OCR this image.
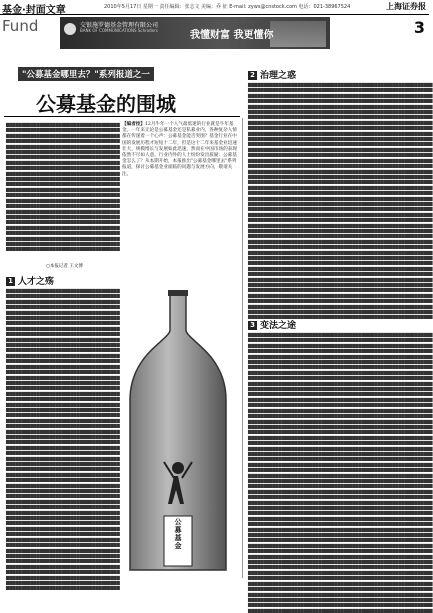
基金·封面文章	2010年5月17日 星期一 责任编辑：张志文 美编：乔 征 E-mail: zyws@cnstock.com 电话：021-38967524	上海证券报
Fund	3
交银施罗德基金管理有限公司
BANK OF COMMUNICATIONS Schroders	我懂财富 我更懂你
"公募基金哪里去？"系列报道之一
公募基金的围城
▇▇▇▇▇▇▇▇▇▇▇▇▇▇▇▇▇▇▇▇▇▇▇▇▇▇▇▇▇▇▇▇▇▇▇▇▇
▇▇▇▇▇▇▇▇▇▇▇▇▇▇▇▇▇▇▇▇▇▇▇▇▇▇▇▇▇▇▇▇▇▇▇▇▇
▇▇▇▇▇▇▇▇▇▇▇▇▇▇▇▇▇▇▇▇▇▇▇▇▇▇▇▇▇▇▇▇▇▇▇▇▇
▇▇▇▇▇▇▇▇▇▇▇▇▇▇▇▇▇▇▇▇▇▇▇▇▇▇▇▇▇▇▇▇▇▇▇▇▇
▇▇▇▇▇▇▇▇▇▇▇▇▇▇▇▇▇▇▇▇▇▇▇▇▇▇▇▇▇▇▇▇▇▇▇▇▇
▇▇▇▇▇▇▇▇▇▇▇▇▇▇▇▇▇▇▇▇▇▇▇▇▇▇▇▇▇▇▇▇▇▇▇▇▇
▇▇▇▇▇▇▇▇▇▇▇▇▇▇▇▇▇▇▇▇▇▇▇▇▇▇▇▇▇▇▇▇▇▇▇▇▇
▇▇▇▇▇▇▇▇▇▇▇▇▇▇▇▇▇▇▇▇▇▇▇▇▇▇▇▇▇▇▇▇▇▇▇▇▇
▇▇▇▇▇▇▇▇▇▇▇▇▇▇▇▇▇▇▇▇▇▇▇▇▇▇▇▇▇▇▇▇▇▇▇▇▇
▇▇▇▇▇▇▇▇▇▇▇▇▇▇▇▇▇▇▇▇▇▇▇▇▇▇▇▇▇▇▇▇▇▇▇▇▇
▇▇▇▇▇▇▇▇▇▇▇▇▇▇▇▇▇▇▇▇▇▇▇▇▇▇▇▇▇▇▇▇▇▇▇▇▇
▇▇▇▇▇▇▇▇▇▇▇▇▇▇▇▇▇▇▇▇▇▇▇▇▇▇▇▇▇▇▇▇▇▇▇▇▇
▇▇▇▇▇▇▇▇▇▇▇▇▇▇▇▇▇▇▇▇▇▇▇▇▇▇▇▇▇▇▇▇▇▇▇▇▇
▇▇▇▇▇▇▇▇▇▇▇▇▇▇▇▇▇▇▇▇▇▇▇▇▇▇▇▇▇▇▇▇▇▇▇▇▇
▇▇▇▇▇▇▇▇▇▇▇▇▇▇▇▇▇▇▇▇▇▇▇▇▇▇▇▇▇▇▇▇▇▇▇▇▇
▇▇▇▇▇▇▇▇▇▇▇▇▇▇▇▇▇▇▇▇▇▇▇▇▇▇▇▇▇▇▇▇▇▇▇▇▇
▇▇▇▇▇▇▇▇▇▇▇▇▇▇▇▇▇▇▇▇▇▇▇▇▇▇▇▇▇▇▇▇▇▇▇▇▇
▇▇▇▇▇▇▇▇▇▇▇▇▇▇▇▇▇▇▇▇▇▇▇▇▇▇▇▇▇▇▇▇▇▇▇▇▇
▇▇▇▇▇▇▇▇▇▇▇▇▇▇▇▇▇▇▇▇▇▇▇▇▇▇▇▇▇▇▇▇▇▇▇▇▇
▇▇▇▇▇▇▇▇▇▇▇▇▇▇▇▇▇▇▇▇▇▇▇▇▇▇▇▇▇▇▇▇▇▇▇▇▇
▇▇▇▇▇▇▇▇▇▇▇▇▇▇▇▇▇▇▇▇▇▇▇▇▇▇▇▇▇▇▇▇▇▇▇▇▇
▇▇▇▇▇▇▇▇▇▇▇▇▇▇▇▇▇▇▇▇▇▇▇▇▇▇▇▇▇▇▇▇▇▇▇▇▇
▇▇▇▇▇▇▇▇▇▇▇▇▇▇▇▇▇▇▇▇▇▇▇▇▇▇▇▇▇▇▇▇▇▇▇▇▇
▇▇▇▇▇▇▇▇▇▇▇▇▇▇▇▇▇▇▇▇▇▇▇▇▇▇▇▇▇▇▇▇▇▇▇▇▇
○本报记者 王文博
1 人才之殇
▇▇▇▇▇▇▇▇▇▇▇▇▇▇▇▇▇▇▇▇▇▇▇▇▇▇▇▇▇▇▇▇▇▇▇▇▇
▇▇▇▇▇▇▇▇▇▇▇▇▇▇▇▇▇▇▇▇▇▇▇▇▇▇▇▇▇▇▇▇▇▇▇▇▇
▇▇▇▇▇▇▇▇▇▇▇▇▇▇▇▇▇▇▇▇▇▇▇▇▇▇▇▇▇▇▇▇▇▇▇▇▇
▇▇▇▇▇▇▇▇▇▇▇▇▇▇▇▇▇▇▇▇▇▇▇▇▇▇▇▇▇▇▇▇▇▇▇▇▇
▇▇▇▇▇▇▇▇▇▇▇▇▇▇▇▇▇▇▇▇▇▇▇▇▇▇▇▇▇▇▇▇▇▇▇▇▇
▇▇▇▇▇▇▇▇▇▇▇▇▇▇▇▇▇▇▇▇▇▇▇▇▇▇▇▇▇▇▇▇▇▇▇▇▇
▇▇▇▇▇▇▇▇▇▇▇▇▇▇▇▇▇▇▇▇▇▇▇▇▇▇▇▇▇▇▇▇▇▇▇▇▇
▇▇▇▇▇▇▇▇▇▇▇▇▇▇▇▇▇▇▇▇▇▇▇▇▇▇▇▇▇▇▇▇▇▇▇▇▇
▇▇▇▇▇▇▇▇▇▇▇▇▇▇▇▇▇▇▇▇▇▇▇▇▇▇▇▇▇▇▇▇▇▇▇▇▇
▇▇▇▇▇▇▇▇▇▇▇▇▇▇▇▇▇▇▇▇▇▇▇▇▇▇▇▇▇▇▇▇▇▇▇▇▇
▇▇▇▇▇▇▇▇▇▇▇▇▇▇▇▇▇▇▇▇▇▇▇▇▇▇▇▇▇▇▇▇▇▇▇▇▇
▇▇▇▇▇▇▇▇▇▇▇▇▇▇▇▇▇▇▇▇▇▇▇▇▇▇▇▇▇▇▇▇▇▇▇▇▇
▇▇▇▇▇▇▇▇▇▇▇▇▇▇▇▇▇▇▇▇▇▇▇▇▇▇▇▇▇▇▇▇▇▇▇▇▇
▇▇▇▇▇▇▇▇▇▇▇▇▇▇▇▇▇▇▇▇▇▇▇▇▇▇▇▇▇▇▇▇▇▇▇▇▇
▇▇▇▇▇▇▇▇▇▇▇▇▇▇▇▇▇▇▇▇▇▇▇▇▇▇▇▇▇▇▇▇▇▇▇▇▇
▇▇▇▇▇▇▇▇▇▇▇▇▇▇▇▇▇▇▇▇▇▇▇▇▇▇▇▇▇▇▇▇▇▇▇▇▇
▇▇▇▇▇▇▇▇▇▇▇▇▇▇▇▇▇▇▇▇▇▇▇▇▇▇▇▇▇▇▇▇▇▇▇▇▇
▇▇▇▇▇▇▇▇▇▇▇▇▇▇▇▇▇▇▇▇▇▇▇▇▇▇▇▇▇▇▇▇▇▇▇▇▇
▇▇▇▇▇▇▇▇▇▇▇▇▇▇▇▇▇▇▇▇▇▇▇▇▇▇▇▇▇▇▇▇▇▇▇▇▇
▇▇▇▇▇▇▇▇▇▇▇▇▇▇▇▇▇▇▇▇▇▇▇▇▇▇▇▇▇▇▇▇▇▇▇▇▇
▇▇▇▇▇▇▇▇▇▇▇▇▇▇▇▇▇▇▇▇▇▇▇▇▇▇▇▇▇▇▇▇▇▇▇▇▇
▇▇▇▇▇▇▇▇▇▇▇▇▇▇▇▇▇▇▇▇▇▇▇▇▇▇▇▇▇▇▇▇▇▇▇▇▇
▇▇▇▇▇▇▇▇▇▇▇▇▇▇▇▇▇▇▇▇▇▇▇▇▇▇▇▇▇▇▇▇▇▇▇▇▇
▇▇▇▇▇▇▇▇▇▇▇▇▇▇▇▇▇▇▇▇▇▇▇▇▇▇▇▇▇▇▇▇▇▇▇▇▇
▇▇▇▇▇▇▇▇▇▇▇▇▇▇▇▇▇▇▇▇▇▇▇▇▇▇▇▇▇▇▇▇▇▇▇▇▇
▇▇▇▇▇▇▇▇▇▇▇▇▇▇▇▇▇▇▇▇▇▇▇▇▇▇▇▇▇▇▇▇▇▇▇▇▇
▇▇▇▇▇▇▇▇▇▇▇▇▇▇▇▇▇▇▇▇▇▇▇▇▇▇▇▇▇▇▇▇▇▇▇▇▇
▇▇▇▇▇▇▇▇▇▇▇▇▇▇▇▇▇▇▇▇▇▇▇▇▇▇▇▇▇▇▇▇▇▇▇▇▇
▇▇▇▇▇▇▇▇▇▇▇▇▇▇▇▇▇▇▇▇▇▇▇▇▇▇▇▇▇▇▇▇▇▇▇▇▇
▇▇▇▇▇▇▇▇▇▇▇▇▇▇▇▇▇▇▇▇▇▇▇▇▇▇▇▇▇▇▇▇▇▇▇▇▇
▇▇▇▇▇▇▇▇▇▇▇▇▇▇▇▇▇▇▇▇▇▇▇▇▇▇▇▇▇▇▇▇▇▇▇▇▇
▇▇▇▇▇▇▇▇▇▇▇▇▇▇▇▇▇▇▇▇▇▇▇▇▇▇▇▇▇▇▇▇▇▇▇▇▇
▇▇▇▇▇▇▇▇▇▇▇▇▇▇▇▇▇▇▇▇▇▇▇▇▇▇▇▇▇▇▇▇▇▇▇▇▇
▇▇▇▇▇▇▇▇▇▇▇▇▇▇▇▇▇▇▇▇▇▇▇▇▇▇▇▇▇▇▇▇▇▇▇▇▇
▇▇▇▇▇▇▇▇▇▇▇▇▇▇▇▇▇▇▇▇▇▇▇▇▇▇▇▇▇▇▇▇▇▇▇▇▇
▇▇▇▇▇▇▇▇▇▇▇▇▇▇▇▇▇▇▇▇▇▇▇▇▇▇▇▇▇▇▇▇▇▇▇▇▇
▇▇▇▇▇▇▇▇▇▇▇▇▇▇▇▇▇▇▇▇▇▇▇▇▇▇▇▇▇▇▇▇▇▇▇▇▇
▇▇▇▇▇▇▇▇▇▇▇▇▇▇▇▇▇▇▇▇▇▇▇▇▇▇▇▇▇▇▇▇▇▇▇▇▇
▇▇▇▇▇▇▇▇▇▇▇▇▇▇▇▇▇▇▇▇▇▇▇▇▇▇▇▇▇▇▇▇▇▇▇▇▇
▇▇▇▇▇▇▇▇▇▇▇▇▇▇▇▇▇▇▇▇▇▇▇▇▇▇▇▇▇▇▇▇▇▇▇▇▇
▇▇▇▇▇▇▇▇▇▇▇▇▇▇▇▇▇▇▇▇▇▇▇▇▇▇▇▇▇▇▇▇▇▇▇▇▇
▇▇▇▇▇▇▇▇▇▇▇▇▇▇▇▇▇▇▇▇▇▇▇▇▇▇▇▇▇▇▇▇▇▇▇▇▇
▇▇▇▇▇▇▇▇▇▇▇▇▇▇▇▇▇▇▇▇▇▇▇▇▇▇▇▇▇▇▇▇▇▇▇▇▇
▇▇▇▇▇▇▇▇▇▇▇▇▇▇▇▇▇▇▇▇▇▇▇▇▇▇▇▇▇▇▇▇▇▇▇▇▇
▇▇▇▇▇▇▇▇▇▇▇▇▇▇▇▇▇▇▇▇▇▇▇▇▇▇▇▇▇▇▇▇▇▇▇▇▇
▇▇▇▇▇▇▇▇▇▇▇▇▇▇▇▇▇▇▇▇▇▇▇▇▇▇▇▇▇▇▇▇▇▇▇▇▇
▇▇▇▇▇▇▇▇▇▇▇▇▇▇▇▇▇▇▇▇▇▇▇▇▇▇▇▇▇▇▇▇▇▇▇▇▇
▇▇▇▇▇▇▇▇▇▇▇▇▇▇▇▇▇▇▇▇▇▇▇▇▇▇▇▇▇▇▇▇▇▇▇▇▇
▇▇▇▇▇▇▇▇▇▇▇▇▇▇▇▇▇▇▇▇▇▇▇▇▇▇▇▇▇▇▇▇▇▇▇▇▇
▇▇▇▇▇▇▇▇▇▇▇▇▇▇▇▇▇▇▇▇▇▇▇▇▇▇▇▇▇▇▇▇▇▇▇▇▇
▇▇▇▇▇▇▇▇▇▇▇▇▇▇▇▇▇▇▇▇▇▇▇▇▇▇▇▇▇▇▇▇▇▇▇▇▇
▇▇▇▇▇▇▇▇▇▇▇▇▇▇▇▇▇▇▇▇▇▇▇▇▇▇▇▇▇▇▇▇▇▇▇▇▇
▇▇▇▇▇▇▇▇▇▇▇▇▇▇▇▇▇▇▇▇▇▇▇▇▇▇▇▇▇▇▇▇▇▇▇▇▇
▇▇▇▇▇▇▇▇▇▇▇▇▇▇▇▇▇▇▇▇▇▇▇▇▇▇▇▇▇▇▇▇▇▇▇▇▇
▇▇▇▇▇▇▇▇▇▇▇▇▇▇▇▇▇▇▇▇▇▇▇▇▇▇▇▇▇▇▇▇▇▇▇▇▇
▇▇▇▇▇▇▇▇▇▇▇▇▇▇▇▇▇▇▇▇▇▇▇▇▇▇▇▇▇▇▇▇▇▇▇▇▇
【编者按】12月牛年一个人气最低迷的行业就是牛年基金。一年来无论是公募基金还是私募业内，各种复杂人情都在传递着一个心声：公募基金能否突围？基金行业在中国的发展历程才短短十二年，但是这十二年来基金业迅速壮大，规模增长与发展如此迅速，然而在中国市场的表现依然不尽如人意。行业内外的人士纷纷发出质疑：公募基金怎么了？从本期开始，本报推出"公募基金哪里去"系列报道，探讨公募基金业面临的问题与发展方向，敬请关注。
公募基金
2 治理之惑
▇▇▇▇▇▇▇▇▇▇▇▇▇▇▇▇▇▇▇▇▇▇▇▇▇▇▇▇▇▇▇▇▇▇▇▇▇▇▇▇▇▇▇▇▇▇▇▇▇▇▇▇▇▇▇▇▇▇▇▇
▇▇▇▇▇▇▇▇▇▇▇▇▇▇▇▇▇▇▇▇▇▇▇▇▇▇▇▇▇▇▇▇▇▇▇▇▇▇▇▇▇▇▇▇▇▇▇▇▇▇▇▇▇▇▇▇▇▇▇▇
▇▇▇▇▇▇▇▇▇▇▇▇▇▇▇▇▇▇▇▇▇▇▇▇▇▇▇▇▇▇▇▇▇▇▇▇▇▇▇▇▇▇▇▇▇▇▇▇▇▇▇▇▇▇▇▇▇▇▇▇
▇▇▇▇▇▇▇▇▇▇▇▇▇▇▇▇▇▇▇▇▇▇▇▇▇▇▇▇▇▇▇▇▇▇▇▇▇▇▇▇▇▇▇▇▇▇▇▇▇▇▇▇▇▇▇▇▇▇▇▇
▇▇▇▇▇▇▇▇▇▇▇▇▇▇▇▇▇▇▇▇▇▇▇▇▇▇▇▇▇▇▇▇▇▇▇▇▇▇▇▇▇▇▇▇▇▇▇▇▇▇▇▇▇▇▇▇▇▇▇▇
▇▇▇▇▇▇▇▇▇▇▇▇▇▇▇▇▇▇▇▇▇▇▇▇▇▇▇▇▇▇▇▇▇▇▇▇▇▇▇▇▇▇▇▇▇▇▇▇▇▇▇▇▇▇▇▇▇▇▇▇
▇▇▇▇▇▇▇▇▇▇▇▇▇▇▇▇▇▇▇▇▇▇▇▇▇▇▇▇▇▇▇▇▇▇▇▇▇▇▇▇▇▇▇▇▇▇▇▇▇▇▇▇▇▇▇▇▇▇▇▇
▇▇▇▇▇▇▇▇▇▇▇▇▇▇▇▇▇▇▇▇▇▇▇▇▇▇▇▇▇▇▇▇▇▇▇▇▇▇▇▇▇▇▇▇▇▇▇▇▇▇▇▇▇▇▇▇▇▇▇▇
▇▇▇▇▇▇▇▇▇▇▇▇▇▇▇▇▇▇▇▇▇▇▇▇▇▇▇▇▇▇▇▇▇▇▇▇▇▇▇▇▇▇▇▇▇▇▇▇▇▇▇▇▇▇▇▇▇▇▇▇
▇▇▇▇▇▇▇▇▇▇▇▇▇▇▇▇▇▇▇▇▇▇▇▇▇▇▇▇▇▇▇▇▇▇▇▇▇▇▇▇▇▇▇▇▇▇▇▇▇▇▇▇▇▇▇▇▇▇▇▇
▇▇▇▇▇▇▇▇▇▇▇▇▇▇▇▇▇▇▇▇▇▇▇▇▇▇▇▇▇▇▇▇▇▇▇▇▇▇▇▇▇▇▇▇▇▇▇▇▇▇▇▇▇▇▇▇▇▇▇▇
▇▇▇▇▇▇▇▇▇▇▇▇▇▇▇▇▇▇▇▇▇▇▇▇▇▇▇▇▇▇▇▇▇▇▇▇▇▇▇▇▇▇▇▇▇▇▇▇▇▇▇▇▇▇▇▇▇▇▇▇
▇▇▇▇▇▇▇▇▇▇▇▇▇▇▇▇▇▇▇▇▇▇▇▇▇▇▇▇▇▇▇▇▇▇▇▇▇▇▇▇▇▇▇▇▇▇▇▇▇▇▇▇▇▇▇▇▇▇▇▇
▇▇▇▇▇▇▇▇▇▇▇▇▇▇▇▇▇▇▇▇▇▇▇▇▇▇▇▇▇▇▇▇▇▇▇▇▇▇▇▇▇▇▇▇▇▇▇▇▇▇▇▇▇▇▇▇▇▇▇▇
▇▇▇▇▇▇▇▇▇▇▇▇▇▇▇▇▇▇▇▇▇▇▇▇▇▇▇▇▇▇▇▇▇▇▇▇▇▇▇▇▇▇▇▇▇▇▇▇▇▇▇▇▇▇▇▇▇▇▇▇
▇▇▇▇▇▇▇▇▇▇▇▇▇▇▇▇▇▇▇▇▇▇▇▇▇▇▇▇▇▇▇▇▇▇▇▇▇▇▇▇▇▇▇▇▇▇▇▇▇▇▇▇▇▇▇▇▇▇▇▇
▇▇▇▇▇▇▇▇▇▇▇▇▇▇▇▇▇▇▇▇▇▇▇▇▇▇▇▇▇▇▇▇▇▇▇▇▇▇▇▇▇▇▇▇▇▇▇▇▇▇▇▇▇▇▇▇▇▇▇▇
▇▇▇▇▇▇▇▇▇▇▇▇▇▇▇▇▇▇▇▇▇▇▇▇▇▇▇▇▇▇▇▇▇▇▇▇▇▇▇▇▇▇▇▇▇▇▇▇▇▇▇▇▇▇▇▇▇▇▇▇
▇▇▇▇▇▇▇▇▇▇▇▇▇▇▇▇▇▇▇▇▇▇▇▇▇▇▇▇▇▇▇▇▇▇▇▇▇▇▇▇▇▇▇▇▇▇▇▇▇▇▇▇▇▇▇▇▇▇▇▇
▇▇▇▇▇▇▇▇▇▇▇▇▇▇▇▇▇▇▇▇▇▇▇▇▇▇▇▇▇▇▇▇▇▇▇▇▇▇▇▇▇▇▇▇▇▇▇▇▇▇▇▇▇▇▇▇▇▇▇▇
▇▇▇▇▇▇▇▇▇▇▇▇▇▇▇▇▇▇▇▇▇▇▇▇▇▇▇▇▇▇▇▇▇▇▇▇▇▇▇▇▇▇▇▇▇▇▇▇▇▇▇▇▇▇▇▇▇▇▇▇
▇▇▇▇▇▇▇▇▇▇▇▇▇▇▇▇▇▇▇▇▇▇▇▇▇▇▇▇▇▇▇▇▇▇▇▇▇▇▇▇▇▇▇▇▇▇▇▇▇▇▇▇▇▇▇▇▇▇▇▇
▇▇▇▇▇▇▇▇▇▇▇▇▇▇▇▇▇▇▇▇▇▇▇▇▇▇▇▇▇▇▇▇▇▇▇▇▇▇▇▇▇▇▇▇▇▇▇▇▇▇▇▇▇▇▇▇▇▇▇▇
▇▇▇▇▇▇▇▇▇▇▇▇▇▇▇▇▇▇▇▇▇▇▇▇▇▇▇▇▇▇▇▇▇▇▇▇▇▇▇▇▇▇▇▇▇▇▇▇▇▇▇▇▇▇▇▇▇▇▇▇
▇▇▇▇▇▇▇▇▇▇▇▇▇▇▇▇▇▇▇▇▇▇▇▇▇▇▇▇▇▇▇▇▇▇▇▇▇▇▇▇▇▇▇▇▇▇▇▇▇▇▇▇▇▇▇▇▇▇▇▇
▇▇▇▇▇▇▇▇▇▇▇▇▇▇▇▇▇▇▇▇▇▇▇▇▇▇▇▇▇▇▇▇▇▇▇▇▇▇▇▇▇▇▇▇▇▇▇▇▇▇▇▇▇▇▇▇▇▇▇▇
▇▇▇▇▇▇▇▇▇▇▇▇▇▇▇▇▇▇▇▇▇▇▇▇▇▇▇▇▇▇▇▇▇▇▇▇▇▇▇▇▇▇▇▇▇▇▇▇▇▇▇▇▇▇▇▇▇▇▇▇
▇▇▇▇▇▇▇▇▇▇▇▇▇▇▇▇▇▇▇▇▇▇▇▇▇▇▇▇▇▇▇▇▇▇▇▇▇▇▇▇▇▇▇▇▇▇▇▇▇▇▇▇▇▇▇▇▇▇▇▇
▇▇▇▇▇▇▇▇▇▇▇▇▇▇▇▇▇▇▇▇▇▇▇▇▇▇▇▇▇▇▇▇▇▇▇▇▇▇▇▇▇▇▇▇▇▇▇▇▇▇▇▇▇▇▇▇▇▇▇▇
▇▇▇▇▇▇▇▇▇▇▇▇▇▇▇▇▇▇▇▇▇▇▇▇▇▇▇▇▇▇▇▇▇▇▇▇▇▇▇▇▇▇▇▇▇▇▇▇▇▇▇▇▇▇▇▇▇▇▇▇
▇▇▇▇▇▇▇▇▇▇▇▇▇▇▇▇▇▇▇▇▇▇▇▇▇▇▇▇▇▇▇▇▇▇▇▇▇▇▇▇▇▇▇▇▇▇▇▇▇▇▇▇▇▇▇▇▇▇▇▇
▇▇▇▇▇▇▇▇▇▇▇▇▇▇▇▇▇▇▇▇▇▇▇▇▇▇▇▇▇▇▇▇▇▇▇▇▇▇▇▇▇▇▇▇▇▇▇▇▇▇▇▇▇▇▇▇▇▇▇▇
▇▇▇▇▇▇▇▇▇▇▇▇▇▇▇▇▇▇▇▇▇▇▇▇▇▇▇▇▇▇▇▇▇▇▇▇▇▇▇▇▇▇▇▇▇▇▇▇▇▇▇▇▇▇▇▇▇▇▇▇
▇▇▇▇▇▇▇▇▇▇▇▇▇▇▇▇▇▇▇▇▇▇▇▇▇▇▇▇▇▇▇▇▇▇▇▇▇▇▇▇▇▇▇▇▇▇▇▇▇▇▇▇▇▇▇▇▇▇▇▇
▇▇▇▇▇▇▇▇▇▇▇▇▇▇▇▇▇▇▇▇▇▇▇▇▇▇▇▇▇▇▇▇▇▇▇▇▇▇▇▇▇▇▇▇▇▇▇▇▇▇▇▇▇▇▇▇▇▇▇▇
▇▇▇▇▇▇▇▇▇▇▇▇▇▇▇▇▇▇▇▇▇▇▇▇▇▇▇▇▇▇▇▇▇▇▇▇▇▇▇▇▇▇▇▇▇▇▇▇▇▇▇▇▇▇▇▇▇▇▇▇
▇▇▇▇▇▇▇▇▇▇▇▇▇▇▇▇▇▇▇▇▇▇▇▇▇▇▇▇▇▇▇▇▇▇▇▇▇▇▇▇▇▇▇▇▇▇▇▇▇▇▇▇▇▇▇▇▇▇▇▇
▇▇▇▇▇▇▇▇▇▇▇▇▇▇▇▇▇▇▇▇▇▇▇▇▇▇▇▇▇▇▇▇▇▇▇▇▇▇▇▇▇▇▇▇▇▇▇▇▇▇▇▇▇▇▇▇▇▇▇▇
▇▇▇▇▇▇▇▇▇▇▇▇▇▇▇▇▇▇▇▇▇▇▇▇▇▇▇▇▇▇▇▇▇▇▇▇▇▇▇▇▇▇▇▇▇▇▇▇▇▇▇▇▇▇▇▇▇▇▇▇
▇▇▇▇▇▇▇▇▇▇▇▇▇▇▇▇▇▇▇▇▇▇▇▇▇▇▇▇▇▇▇▇▇▇▇▇▇▇▇▇▇▇▇▇▇▇▇▇▇▇▇▇▇▇▇▇▇▇▇▇
▇▇▇▇▇▇▇▇▇▇▇▇▇▇▇▇▇▇▇▇▇▇▇▇▇▇▇▇▇▇▇▇▇▇▇▇▇▇▇▇▇▇▇▇▇▇▇▇▇▇▇▇▇▇▇▇▇▇▇▇
▇▇▇▇▇▇▇▇▇▇▇▇▇▇▇▇▇▇▇▇▇▇▇▇▇▇▇▇▇▇▇▇▇▇▇▇▇▇▇▇▇▇▇▇▇▇▇▇▇▇▇▇▇▇▇▇▇▇▇▇
▇▇▇▇▇▇▇▇▇▇▇▇▇▇▇▇▇▇▇▇▇▇▇▇▇▇▇▇▇▇▇▇▇▇▇▇▇▇▇▇▇▇▇▇▇▇▇▇▇▇▇▇▇▇▇▇▇▇▇▇
▇▇▇▇▇▇▇▇▇▇▇▇▇▇▇▇▇▇▇▇▇▇▇▇▇▇▇▇▇▇▇▇▇▇▇▇▇▇▇▇▇▇▇▇▇▇▇▇▇▇▇▇▇▇▇▇▇▇▇▇
3 变法之途
▇▇▇▇▇▇▇▇▇▇▇▇▇▇▇▇▇▇▇▇▇▇▇▇▇▇▇▇▇▇▇▇▇▇▇▇▇▇▇▇▇▇▇▇▇▇▇▇▇▇▇▇▇▇▇▇▇▇▇▇
▇▇▇▇▇▇▇▇▇▇▇▇▇▇▇▇▇▇▇▇▇▇▇▇▇▇▇▇▇▇▇▇▇▇▇▇▇▇▇▇▇▇▇▇▇▇▇▇▇▇▇▇▇▇▇▇▇▇▇▇
▇▇▇▇▇▇▇▇▇▇▇▇▇▇▇▇▇▇▇▇▇▇▇▇▇▇▇▇▇▇▇▇▇▇▇▇▇▇▇▇▇▇▇▇▇▇▇▇▇▇▇▇▇▇▇▇▇▇▇▇
▇▇▇▇▇▇▇▇▇▇▇▇▇▇▇▇▇▇▇▇▇▇▇▇▇▇▇▇▇▇▇▇▇▇▇▇▇▇▇▇▇▇▇▇▇▇▇▇▇▇▇▇▇▇▇▇▇▇▇▇
▇▇▇▇▇▇▇▇▇▇▇▇▇▇▇▇▇▇▇▇▇▇▇▇▇▇▇▇▇▇▇▇▇▇▇▇▇▇▇▇▇▇▇▇▇▇▇▇▇▇▇▇▇▇▇▇▇▇▇▇
▇▇▇▇▇▇▇▇▇▇▇▇▇▇▇▇▇▇▇▇▇▇▇▇▇▇▇▇▇▇▇▇▇▇▇▇▇▇▇▇▇▇▇▇▇▇▇▇▇▇▇▇▇▇▇▇▇▇▇▇
▇▇▇▇▇▇▇▇▇▇▇▇▇▇▇▇▇▇▇▇▇▇▇▇▇▇▇▇▇▇▇▇▇▇▇▇▇▇▇▇▇▇▇▇▇▇▇▇▇▇▇▇▇▇▇▇▇▇▇▇
▇▇▇▇▇▇▇▇▇▇▇▇▇▇▇▇▇▇▇▇▇▇▇▇▇▇▇▇▇▇▇▇▇▇▇▇▇▇▇▇▇▇▇▇▇▇▇▇▇▇▇▇▇▇▇▇▇▇▇▇
▇▇▇▇▇▇▇▇▇▇▇▇▇▇▇▇▇▇▇▇▇▇▇▇▇▇▇▇▇▇▇▇▇▇▇▇▇▇▇▇▇▇▇▇▇▇▇▇▇▇▇▇▇▇▇▇▇▇▇▇
▇▇▇▇▇▇▇▇▇▇▇▇▇▇▇▇▇▇▇▇▇▇▇▇▇▇▇▇▇▇▇▇▇▇▇▇▇▇▇▇▇▇▇▇▇▇▇▇▇▇▇▇▇▇▇▇▇▇▇▇
▇▇▇▇▇▇▇▇▇▇▇▇▇▇▇▇▇▇▇▇▇▇▇▇▇▇▇▇▇▇▇▇▇▇▇▇▇▇▇▇▇▇▇▇▇▇▇▇▇▇▇▇▇▇▇▇▇▇▇▇
▇▇▇▇▇▇▇▇▇▇▇▇▇▇▇▇▇▇▇▇▇▇▇▇▇▇▇▇▇▇▇▇▇▇▇▇▇▇▇▇▇▇▇▇▇▇▇▇▇▇▇▇▇▇▇▇▇▇▇▇
▇▇▇▇▇▇▇▇▇▇▇▇▇▇▇▇▇▇▇▇▇▇▇▇▇▇▇▇▇▇▇▇▇▇▇▇▇▇▇▇▇▇▇▇▇▇▇▇▇▇▇▇▇▇▇▇▇▇▇▇
▇▇▇▇▇▇▇▇▇▇▇▇▇▇▇▇▇▇▇▇▇▇▇▇▇▇▇▇▇▇▇▇▇▇▇▇▇▇▇▇▇▇▇▇▇▇▇▇▇▇▇▇▇▇▇▇▇▇▇▇
▇▇▇▇▇▇▇▇▇▇▇▇▇▇▇▇▇▇▇▇▇▇▇▇▇▇▇▇▇▇▇▇▇▇▇▇▇▇▇▇▇▇▇▇▇▇▇▇▇▇▇▇▇▇▇▇▇▇▇▇
▇▇▇▇▇▇▇▇▇▇▇▇▇▇▇▇▇▇▇▇▇▇▇▇▇▇▇▇▇▇▇▇▇▇▇▇▇▇▇▇▇▇▇▇▇▇▇▇▇▇▇▇▇▇▇▇▇▇▇▇
▇▇▇▇▇▇▇▇▇▇▇▇▇▇▇▇▇▇▇▇▇▇▇▇▇▇▇▇▇▇▇▇▇▇▇▇▇▇▇▇▇▇▇▇▇▇▇▇▇▇▇▇▇▇▇▇▇▇▇▇
▇▇▇▇▇▇▇▇▇▇▇▇▇▇▇▇▇▇▇▇▇▇▇▇▇▇▇▇▇▇▇▇▇▇▇▇▇▇▇▇▇▇▇▇▇▇▇▇▇▇▇▇▇▇▇▇▇▇▇▇
▇▇▇▇▇▇▇▇▇▇▇▇▇▇▇▇▇▇▇▇▇▇▇▇▇▇▇▇▇▇▇▇▇▇▇▇▇▇▇▇▇▇▇▇▇▇▇▇▇▇▇▇▇▇▇▇▇▇▇▇
▇▇▇▇▇▇▇▇▇▇▇▇▇▇▇▇▇▇▇▇▇▇▇▇▇▇▇▇▇▇▇▇▇▇▇▇▇▇▇▇▇▇▇▇▇▇▇▇▇▇▇▇▇▇▇▇▇▇▇▇
▇▇▇▇▇▇▇▇▇▇▇▇▇▇▇▇▇▇▇▇▇▇▇▇▇▇▇▇▇▇▇▇▇▇▇▇▇▇▇▇▇▇▇▇▇▇▇▇▇▇▇▇▇▇▇▇▇▇▇▇
▇▇▇▇▇▇▇▇▇▇▇▇▇▇▇▇▇▇▇▇▇▇▇▇▇▇▇▇▇▇▇▇▇▇▇▇▇▇▇▇▇▇▇▇▇▇▇▇▇▇▇▇▇▇▇▇▇▇▇▇
▇▇▇▇▇▇▇▇▇▇▇▇▇▇▇▇▇▇▇▇▇▇▇▇▇▇▇▇▇▇▇▇▇▇▇▇▇▇▇▇▇▇▇▇▇▇▇▇▇▇▇▇▇▇▇▇▇▇▇▇
▇▇▇▇▇▇▇▇▇▇▇▇▇▇▇▇▇▇▇▇▇▇▇▇▇▇▇▇▇▇▇▇▇▇▇▇▇▇▇▇▇▇▇▇▇▇▇▇▇▇▇▇▇▇▇▇▇▇▇▇
▇▇▇▇▇▇▇▇▇▇▇▇▇▇▇▇▇▇▇▇▇▇▇▇▇▇▇▇▇▇▇▇▇▇▇▇▇▇▇▇▇▇▇▇▇▇▇▇▇▇▇▇▇▇▇▇▇▇▇▇
▇▇▇▇▇▇▇▇▇▇▇▇▇▇▇▇▇▇▇▇▇▇▇▇▇▇▇▇▇▇▇▇▇▇▇▇▇▇▇▇▇▇▇▇▇▇▇▇▇▇▇▇▇▇▇▇▇▇▇▇
▇▇▇▇▇▇▇▇▇▇▇▇▇▇▇▇▇▇▇▇▇▇▇▇▇▇▇▇▇▇▇▇▇▇▇▇▇▇▇▇▇▇▇▇▇▇▇▇▇▇▇▇▇▇▇▇▇▇▇▇
▇▇▇▇▇▇▇▇▇▇▇▇▇▇▇▇▇▇▇▇▇▇▇▇▇▇▇▇▇▇▇▇▇▇▇▇▇▇▇▇▇▇▇▇▇▇▇▇▇▇▇▇▇▇▇▇▇▇▇▇
▇▇▇▇▇▇▇▇▇▇▇▇▇▇▇▇▇▇▇▇▇▇▇▇▇▇▇▇▇▇▇▇▇▇▇▇▇▇▇▇▇▇▇▇▇▇▇▇▇▇▇▇▇▇▇▇▇▇▇▇
▇▇▇▇▇▇▇▇▇▇▇▇▇▇▇▇▇▇▇▇▇▇▇▇▇▇▇▇▇▇▇▇▇▇▇▇▇▇▇▇▇▇▇▇▇▇▇▇▇▇▇▇▇▇▇▇▇▇▇▇
▇▇▇▇▇▇▇▇▇▇▇▇▇▇▇▇▇▇▇▇▇▇▇▇▇▇▇▇▇▇▇▇▇▇▇▇▇▇▇▇▇▇▇▇▇▇▇▇▇▇▇▇▇▇▇▇▇▇▇▇
▇▇▇▇▇▇▇▇▇▇▇▇▇▇▇▇▇▇▇▇▇▇▇▇▇▇▇▇▇▇▇▇▇▇▇▇▇▇▇▇▇▇▇▇▇▇▇▇▇▇▇▇▇▇▇▇▇▇▇▇
▇▇▇▇▇▇▇▇▇▇▇▇▇▇▇▇▇▇▇▇▇▇▇▇▇▇▇▇▇▇▇▇▇▇▇▇▇▇▇▇▇▇▇▇▇▇▇▇▇▇▇▇▇▇▇▇▇▇▇▇
▇▇▇▇▇▇▇▇▇▇▇▇▇▇▇▇▇▇▇▇▇▇▇▇▇▇▇▇▇▇▇▇▇▇▇▇▇▇▇▇▇▇▇▇▇▇▇▇▇▇▇▇▇▇▇▇▇▇▇▇
▇▇▇▇▇▇▇▇▇▇▇▇▇▇▇▇▇▇▇▇▇▇▇▇▇▇▇▇▇▇▇▇▇▇▇▇▇▇▇▇▇▇▇▇▇▇▇▇▇▇▇▇▇▇▇▇▇▇▇▇
▇▇▇▇▇▇▇▇▇▇▇▇▇▇▇▇▇▇▇▇▇▇▇▇▇▇▇▇▇▇▇▇▇▇▇▇▇▇▇▇▇▇▇▇▇▇▇▇▇▇▇▇▇▇▇▇▇▇▇▇
▇▇▇▇▇▇▇▇▇▇▇▇▇▇▇▇▇▇▇▇▇▇▇▇▇▇▇▇▇▇▇▇▇▇▇▇▇▇▇▇▇▇▇▇▇▇▇▇▇▇▇▇▇▇▇▇▇▇▇▇
▇▇▇▇▇▇▇▇▇▇▇▇▇▇▇▇▇▇▇▇▇▇▇▇▇▇▇▇▇▇▇▇▇▇▇▇▇▇▇▇▇▇▇▇▇▇▇▇▇▇▇▇▇▇▇▇▇▇▇▇
▇▇▇▇▇▇▇▇▇▇▇▇▇▇▇▇▇▇▇▇▇▇▇▇▇▇▇▇▇▇▇▇▇▇▇▇▇▇▇▇▇▇▇▇▇▇▇▇▇▇▇▇▇▇▇▇▇▇▇▇
▇▇▇▇▇▇▇▇▇▇▇▇▇▇▇▇▇▇▇▇▇▇▇▇▇▇▇▇▇▇▇▇▇▇▇▇▇▇▇▇▇▇▇▇▇▇▇▇▇▇▇▇▇▇▇▇▇▇▇▇
▇▇▇▇▇▇▇▇▇▇▇▇▇▇▇▇▇▇▇▇▇▇▇▇▇▇▇▇▇▇▇▇▇▇▇▇▇▇▇▇▇▇▇▇▇▇▇▇▇▇▇▇▇▇▇▇▇▇▇▇
▇▇▇▇▇▇▇▇▇▇▇▇▇▇▇▇▇▇▇▇▇▇▇▇▇▇▇▇▇▇▇▇▇▇▇▇▇▇▇▇▇▇▇▇▇▇▇▇▇▇▇▇▇▇▇▇▇▇▇▇
▇▇▇▇▇▇▇▇▇▇▇▇▇▇▇▇▇▇▇▇▇▇▇▇▇▇▇▇▇▇▇▇▇▇▇▇▇▇▇▇▇▇▇▇▇▇▇▇▇▇▇▇▇▇▇▇▇▇▇▇
▇▇▇▇▇▇▇▇▇▇▇▇▇▇▇▇▇▇▇▇▇▇▇▇▇▇▇▇▇▇▇▇▇▇▇▇▇▇▇▇▇▇▇▇▇▇▇▇▇▇▇▇▇▇▇▇▇▇▇▇
▇▇▇▇▇▇▇▇▇▇▇▇▇▇▇▇▇▇▇▇▇▇▇▇▇▇▇▇▇▇▇▇▇▇▇▇▇▇▇▇▇▇▇▇▇▇▇▇▇▇▇▇▇▇▇▇▇▇▇▇
▇▇▇▇▇▇▇▇▇▇▇▇▇▇▇▇▇▇▇▇▇▇▇▇▇▇▇▇▇▇▇▇▇▇▇▇▇▇▇▇▇▇▇▇▇▇▇▇▇▇▇▇▇▇▇▇▇▇▇▇
▇▇▇▇▇▇▇▇▇▇▇▇▇▇▇▇▇▇▇▇▇▇▇▇▇▇▇▇▇▇▇▇▇▇▇▇▇▇▇▇▇▇▇▇▇▇▇▇▇▇▇▇▇▇▇▇▇▇▇▇
▇▇▇▇▇▇▇▇▇▇▇▇▇▇▇▇▇▇▇▇▇▇▇▇▇▇▇▇▇▇▇▇▇▇▇▇▇▇▇▇▇▇▇▇▇▇▇▇▇▇▇▇▇▇▇▇▇▇▇▇
▇▇▇▇▇▇▇▇▇▇▇▇▇▇▇▇▇▇▇▇▇▇▇▇▇▇▇▇▇▇▇▇▇▇▇▇▇▇▇▇▇▇▇▇▇▇▇▇▇▇▇▇▇▇▇▇▇▇▇▇
▇▇▇▇▇▇▇▇▇▇▇▇▇▇▇▇▇▇▇▇▇▇▇▇▇▇▇▇▇▇▇▇▇▇▇▇▇▇▇▇▇▇▇▇▇▇▇▇▇▇▇▇▇▇▇▇▇▇▇▇
▇▇▇▇▇▇▇▇▇▇▇▇▇▇▇▇▇▇▇▇▇▇▇▇▇▇▇▇▇▇▇▇▇▇▇▇▇▇▇▇▇▇▇▇▇▇▇▇▇▇▇▇▇▇▇▇▇▇▇▇
▇▇▇▇▇▇▇▇▇▇▇▇▇▇▇▇▇▇▇▇▇▇▇▇▇▇▇▇▇▇▇▇▇▇▇▇▇▇▇▇▇▇▇▇▇▇▇▇▇▇▇▇▇▇▇▇▇▇▇▇
